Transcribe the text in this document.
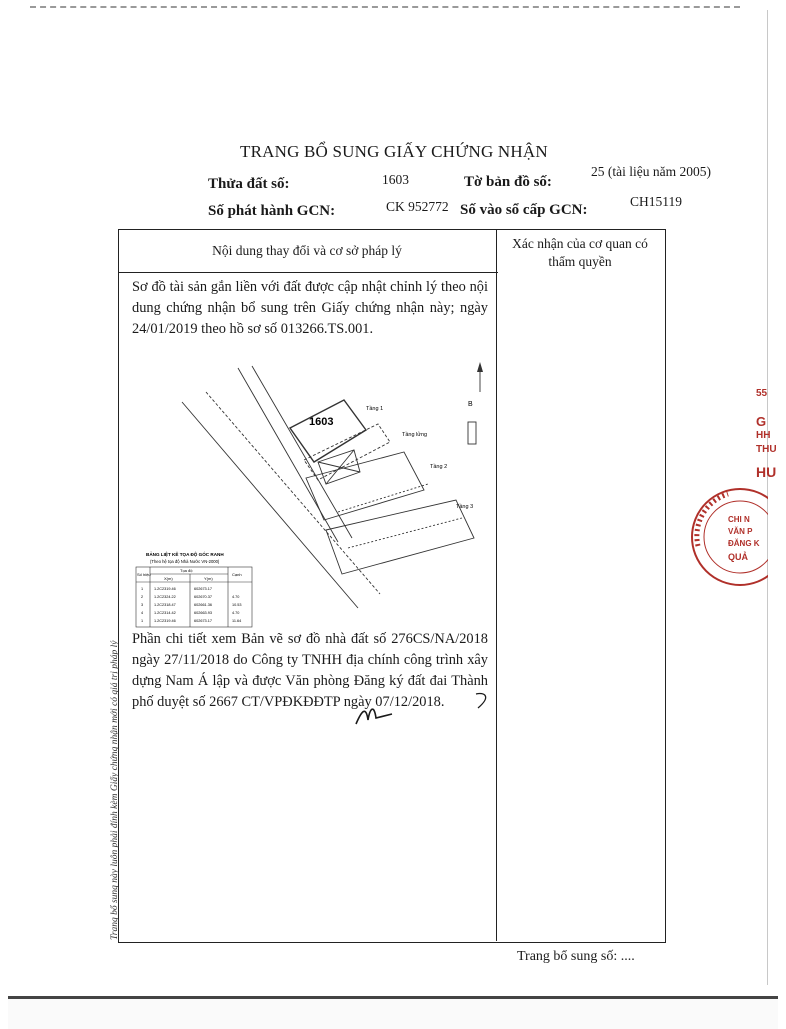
TRANG BỔ SUNG GIẤY CHỨNG NHẬN
Thửa đất số:	1603	Tờ bản đồ số:
25 (tài liệu năm 2005)
Số phát hành GCN:	CK 952772 Số vào sổ cấp GCN:
CH15119
Nội dung thay đổi và cơ sở pháp lý	Xác nhận của cơ quan có
thẩm quyền
Sơ đồ tài sản gắn liền với đất được cập nhật chỉnh lý theo nội dung chứng nhận bổ sung trên Giấy chứng nhận này; ngày 24/01/2019 theo hồ sơ số 013266.TS.001.
1603
Tầng 1
Tầng lửng
Tầng 2
Tầng 3
B
BẢNG LIỆT KÊ TỌA ĐỘ GÓC RANH
(Theo hệ tọa độ Nhà Nước VN-2000)
Số hiệu
Tọa độ
Cạnh
X(m)	Y(m)
1	1.2C2319.46	602673.17
2	1.2C2324.22	602670.37	4.70
3	1.2C2318.47	602661.36	10.53
4	1.2C2314.42	602663.93	4.70
1	1.2C2319.46	602673.17	11.64
Phần chi tiết xem Bản vẽ sơ đồ nhà đất số 276CS/NA/2018 ngày 27/11/2018 do Công ty TNHH địa chính công trình xây dựng Nam Á lập và được Văn phòng Đăng ký đất đai Thành phố duyệt số 2667 CT/VPĐKĐĐTP ngày 07/12/2018.
Trang bổ sung này luôn phải đính kèm Giấy chứng nhận mới có giá trị pháp lý
Trang bổ sung số: ....
55
G
HH
THU
HU
CHI N
VĂN P
ĐĂNG K
QUẢ
